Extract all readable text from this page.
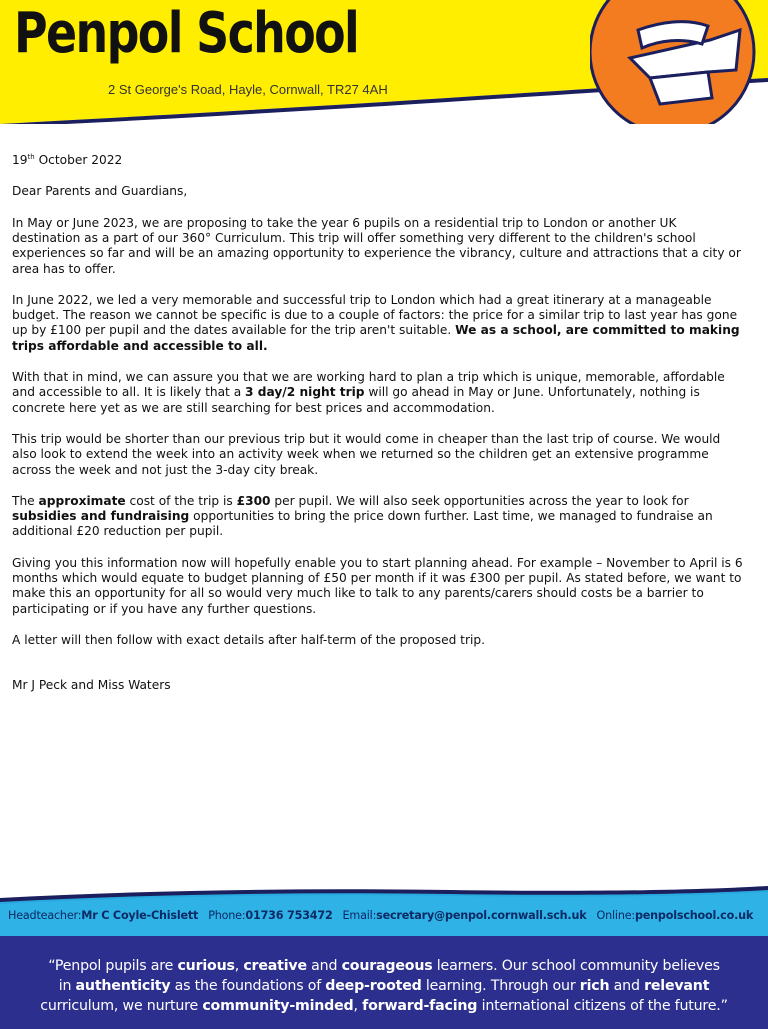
Penpol School
2 St George's Road, Hayle, Cornwall, TR27 4AH

19th October 2022

Dear Parents and Guardians,

In May or June 2023, we are proposing to take the year 6 pupils on a residential trip to London or another UK destination as a part of our 360° Curriculum. This trip will offer something very different to the children's school experiences so far and will be an amazing opportunity to experience the vibrancy, culture and attractions that a city or area has to offer.

In June 2022, we led a very memorable and successful trip to London which had a great itinerary at a manageable budget. The reason we cannot be specific is due to a couple of factors: the price for a similar trip to last year has gone up by £100 per pupil and the dates available for the trip aren't suitable. We as a school, are committed to making trips affordable and accessible to all.

With that in mind, we can assure you that we are working hard to plan a trip which is unique, memorable, affordable and accessible to all. It is likely that a 3 day/2 night trip will go ahead in May or June. Unfortunately, nothing is concrete here yet as we are still searching for best prices and accommodation.

This trip would be shorter than our previous trip but it would come in cheaper than the last trip of course. We would also look to extend the week into an activity week when we returned so the children get an extensive programme across the week and not just the 3-day city break.

The approximate cost of the trip is £300 per pupil. We will also seek opportunities across the year to look for subsidies and fundraising opportunities to bring the price down further. Last time, we managed to fundraise an additional £20 reduction per pupil.

Giving you this information now will hopefully enable you to start planning ahead. For example – November to April is 6 months which would equate to budget planning of £50 per month if it was £300 per pupil. As stated before, we want to make this an opportunity for all so would very much like to talk to any parents/carers should costs be a barrier to participating or if you have any further questions.

A letter will then follow with exact details after half-term of the proposed trip.

Mr J Peck and Miss Waters

Headteacher: Mr C Coyle-Chislett Phone: 01736 753472 Email: secretary@penpol.cornwall.sch.uk Online: penpolschool.co.uk
“Penpol pupils are curious, creative and courageous learners. Our school community believes
in authenticity as the foundations of deep-rooted learning. Through our rich and relevant
curriculum, we nurture community-minded, forward-facing international citizens of the future.”
